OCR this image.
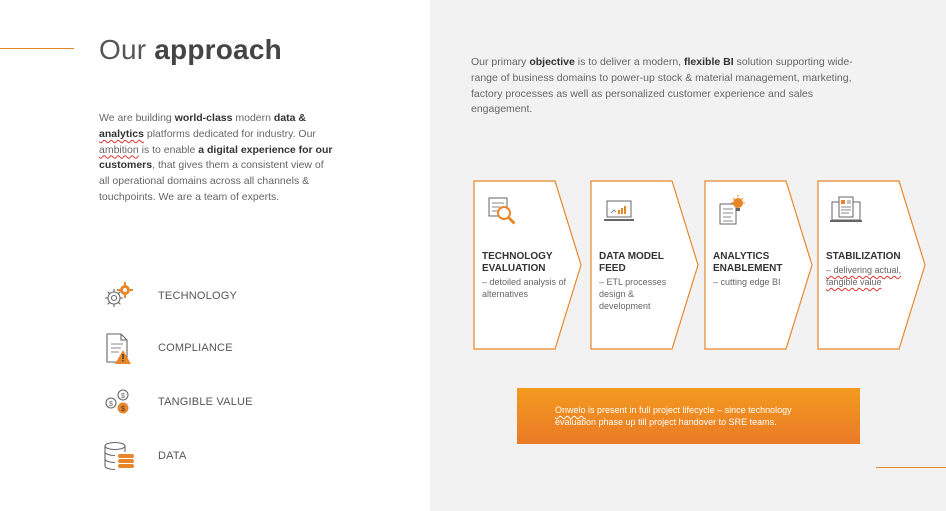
Our approach

We are building world-class modern data & analytics platforms dedicated for industry. Our ambition is to enable a digital experience for our customers, that gives them a consistent view of all operational domains across all channels & touchpoints. We are a team of experts.

TECHNOLOGY
COMPLIANCE
$
$
$
TANGIBLE VALUE
DATA

Our primary objective is to deliver a modern, flexible BI solution supporting wide-range of business domains to power-up stock & material management, marketing, factory processes as well as personalized customer experience and sales engagement.

TECHNOLOGY EVALUATION
– detoiled analysis of alternatives
DATA MODEL FEED
– ETL processes design & development
ANALYTICS ENABLEMENT
– cutting edge BI
STABILIZATION
– delivering actual, tangible value
Onwelo is present in full project lifecycle – since technology evaluation phase up till project handover to SRE teams.
